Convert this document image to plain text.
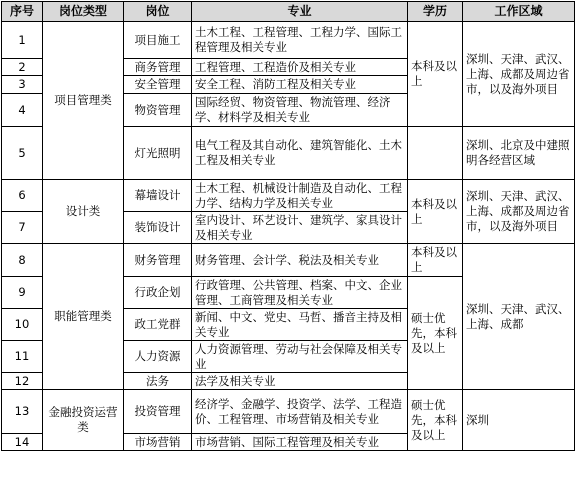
序号	岗位类型	岗位	专业	学历	工作区域
1	项目管理类	项目施工	土木工程、工程管理、工程力学、国际工程管理及相关专业	本科及以上	深圳、天津、武汉、上海、成都及周边省市，以及海外项目
2		商务管理	工程管理、工程造价及相关专业		
3		安全管理	安全工程、消防工程及相关专业		
4		物资管理	国际经贸、物资管理、物流管理、经济学、材料学及相关专业		
5		灯光照明	电气工程及其自动化、建筑智能化、土木工程及相关专业		深圳、北京及中建照明各经营区域
6	设计类	幕墙设计	土木工程、机械设计制造及自动化、工程力学、结构力学及相关专业	本科及以上	深圳、天津、武汉、上海、成都及周边省市，以及海外项目
7		装饰设计	室内设计、环艺设计、建筑学、家具设计及相关专业		
8	职能管理类	财务管理	财务管理、会计学、税法及相关专业	本科及以上	深圳、天津、武汉、上海、成都
9		行政企划	行政管理、公共管理、档案、中文、企业管理、工商管理及相关专业	硕士优先，本科及以上	
10		政工党群	新闻、中文、党史、马哲、播音主持及相关专业		
11		人力资源	人力资源管理、劳动与社会保障及相关专业		
12		法务	法学及相关专业		
13	金融投资运营类	投资管理	经济学、金融学、投资学、法学、工程造价、工程管理、市场营销及相关专业	硕士优先，本科及以上	深圳
14		市场营销	市场营销、国际工程管理及相关专业		
